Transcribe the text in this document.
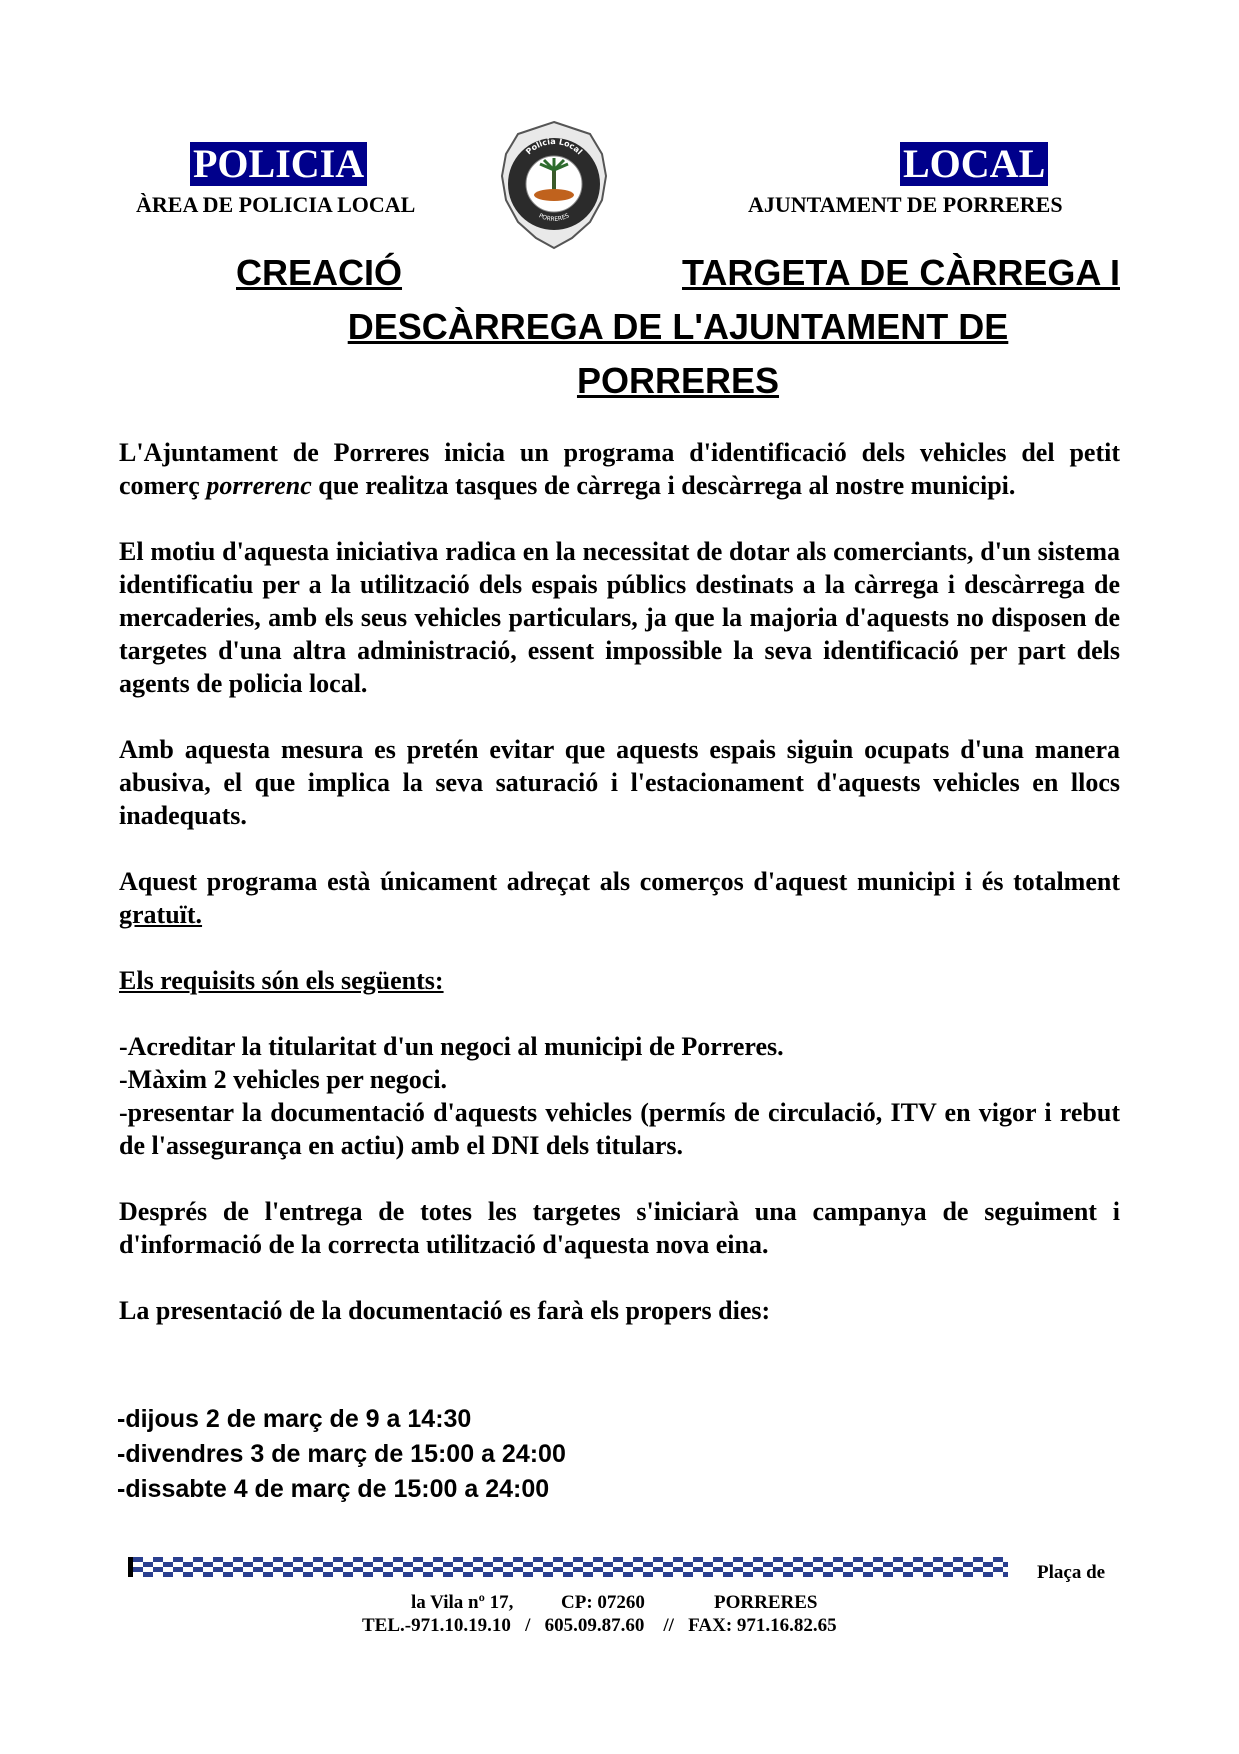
POLICIA
ÀREA DE POLICIA LOCAL
Policia Local
PORRERES
LOCAL
AJUNTAMENT DE PORRERES
CREACIÓ	TARGETA DE CÀRREGA I
DESCÀRREGA DE L'AJUNTAMENT DE
PORRERES

L'Ajuntament de Porreres inicia un programa d'identificació dels vehicles del petit comerç porrerenc que realitza tasques de càrrega i descàrrega al nostre municipi.

El motiu d'aquesta iniciativa radica en la necessitat de dotar als comerciants, d'un sistema identificatiu per a la utilització dels espais públics destinats a la càrrega i descàrrega de mercaderies, amb els seus vehicles particulars, ja que la majoria d'aquests no disposen de targetes d'una altra administració, essent impossible la seva identificació per part dels agents de policia local.

Amb aquesta mesura es pretén evitar que aquests espais siguin ocupats d'una manera abusiva, el que implica la seva saturació i l'estacionament d'aquests vehicles en llocs inadequats.

Aquest programa està únicament adreçat als comerços d'aquest municipi i és totalment gratuït.

Els requisits són els següents:

-Acreditar la titularitat d'un negoci al municipi de Porreres.
-Màxim 2 vehicles per negoci.
-presentar la documentació d'aquests vehicles (permís de circulació, ITV en vigor i rebut de l'assegurança en actiu) amb el DNI dels titulars.

Després de l'entrega de totes les targetes s'iniciarà una campanya de seguiment i d'informació de la correcta utilització d'aquesta nova eina.

La presentació de la documentació es farà els propers dies:

-dijous 2 de març de 9 a 14:30
-divendres 3 de març de 15:00 a 24:00
-dissabte 4 de març de 15:00 a 24:00
Plaça de
la Vila nº 17,	CP: 07260	PORRERES
TEL.-971.10.19.10   /   605.09.87.60    //   FAX: 971.16.82.65
